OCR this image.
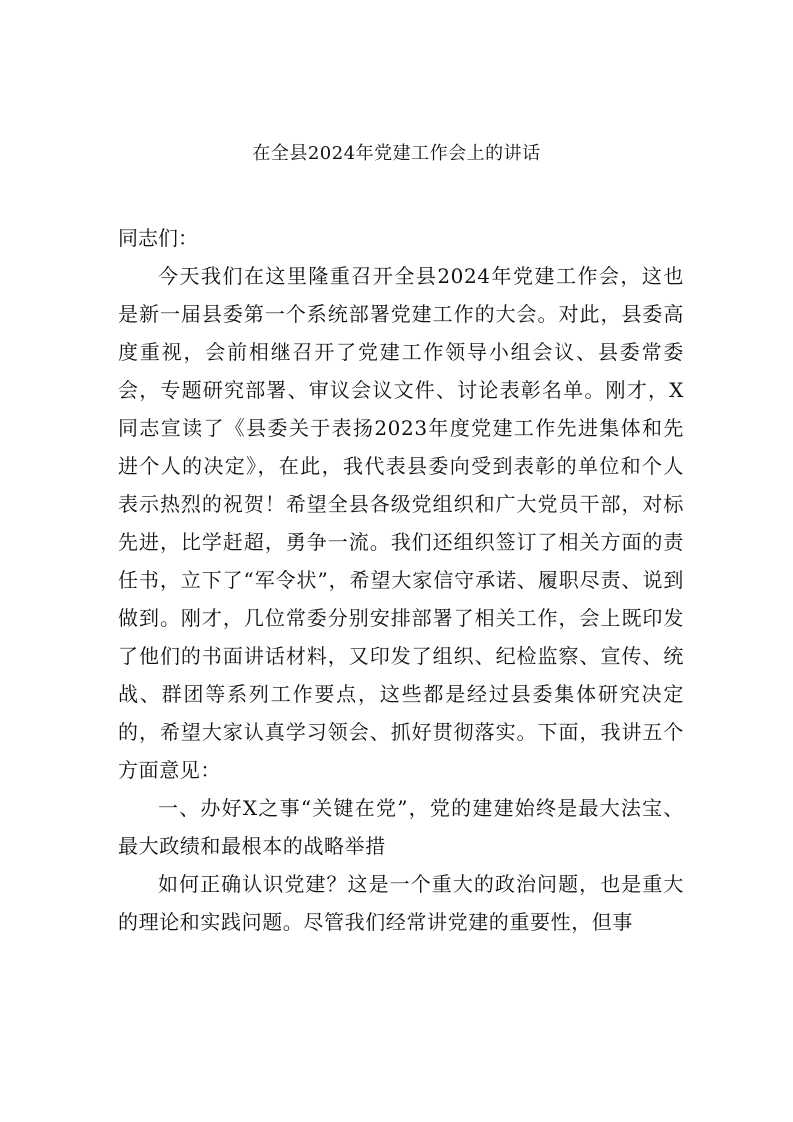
在全县2024年党建工作会上的讲话

同志们：

今天我们在这里隆重召开全县2024年党建工作会，这也是新一届县委第一个系统部署党建工作的大会。对此，县委高度重视，会前相继召开了党建工作领导小组会议、县委常委会，专题研究部署、审议会议文件、讨论表彰名单。刚才，X同志宣读了《县委关于表扬2023年度党建工作先进集体和先进个人的决定》，在此，我代表县委向受到表彰的单位和个人表示热烈的祝贺！希望全县各级党组织和广大党员干部，对标先进，比学赶超，勇争一流。我们还组织签订了相关方面的责任书，立下了“军令状”，希望大家信守承诺、履职尽责、说到做到。刚才，几位常委分别安排部署了相关工作，会上既印发了他们的书面讲话材料，又印发了组织、纪检监察、宣传、统战、群团等系列工作要点，这些都是经过县委集体研究决定的，希望大家认真学习领会、抓好贯彻落实。下面，我讲五个方面意见：

一、办好X之事“关键在党”，党的建建始终是最大法宝、最大政绩和最根本的战略举措

如何正确认识党建？这是一个重大的政治问题，也是重大的理论和实践问题。尽管我们经常讲党建的重要性，但事
